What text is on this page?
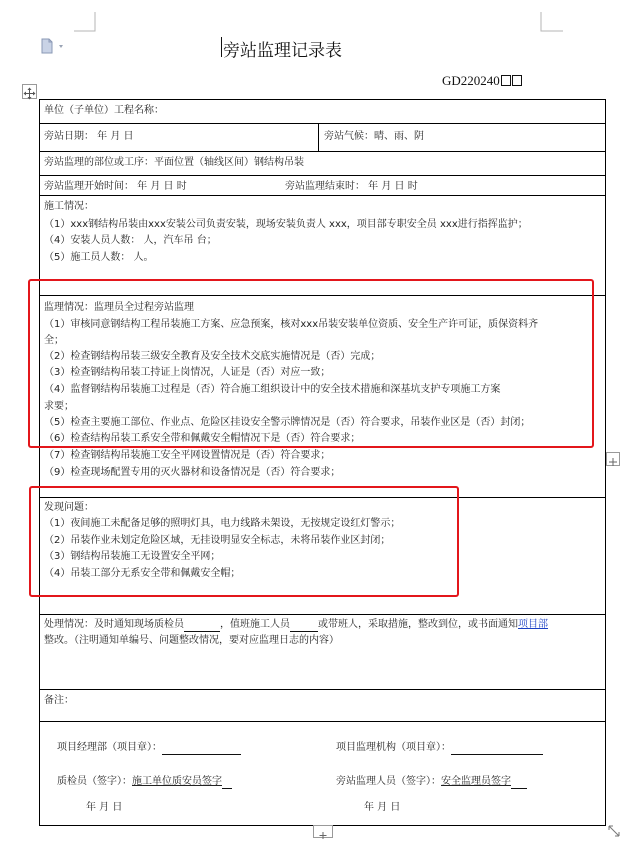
旁站监理记录表
GD220240
单位（子单位）工程名称：
旁站日期： 年 月 日	旁站气候：晴、雨、阴
旁站监理的部位或工序：平面位置（轴线区间）钢结构吊装
旁站监理开始时间： 年 月 日 时	旁站监理结束时： 年 月 日 时
施工情况：
（1）xxx钢结构吊装由xxx安装公司负责安装，现场安装负责人 xxx，项目部专职安全员 xxx进行指挥监护；
（4）安装人员人数： 人，汽车吊 台；
（5）施工员人数： 人。
监理情况：监理员全过程旁站监理
（1）审核同意钢结构工程吊装施工方案、应急预案，核对xxx吊装安装单位资质、安全生产许可证，质保资料齐
全；
（2）检查钢结构吊装三级安全教育及安全技术交底实施情况是（否）完成；
（3）检查钢结构吊装工持证上岗情况，人证是（否）对应一致；
（4）监督钢结构吊装施工过程是（否）符合施工组织设计中的安全技术措施和深基坑支护专项施工方案
求要；
（5）检查主要施工部位、作业点、危险区挂设安全警示牌情况是（否）符合要求，吊装作业区是（否）封闭；
（6）检查结构吊装工系安全带和佩戴安全帽情况下是（否）符合要求；
（7）检查钢结构吊装施工安全平网设置情况是（否）符合要求；
（9）检查现场配置专用的灭火器材和设备情况是（否）符合要求；
发现问题：
（1）夜间施工未配备足够的照明灯具，电力线路未架设，无按规定设红灯警示；
（2）吊装作业未划定危险区域，无挂设明显安全标志，未将吊装作业区封闭；
（3）钢结构吊装施工无设置安全平网；
（4）吊装工部分无系安全带和佩戴安全帽；
处理情况：及时通知现场质检员	，值班施工人员	或带班人，采取措施，整改到位，或书面通知项目部
整改。（注明通知单编号、问题整改情况，要对应监理日志的内容）
备注：
项目经理部（项目章）：	项目监理机构（项目章）：
质检员（签字）：施工单位质安员签字	旁站监理人员（签字）：安全监理员签字
年 月 日	年 月 日
